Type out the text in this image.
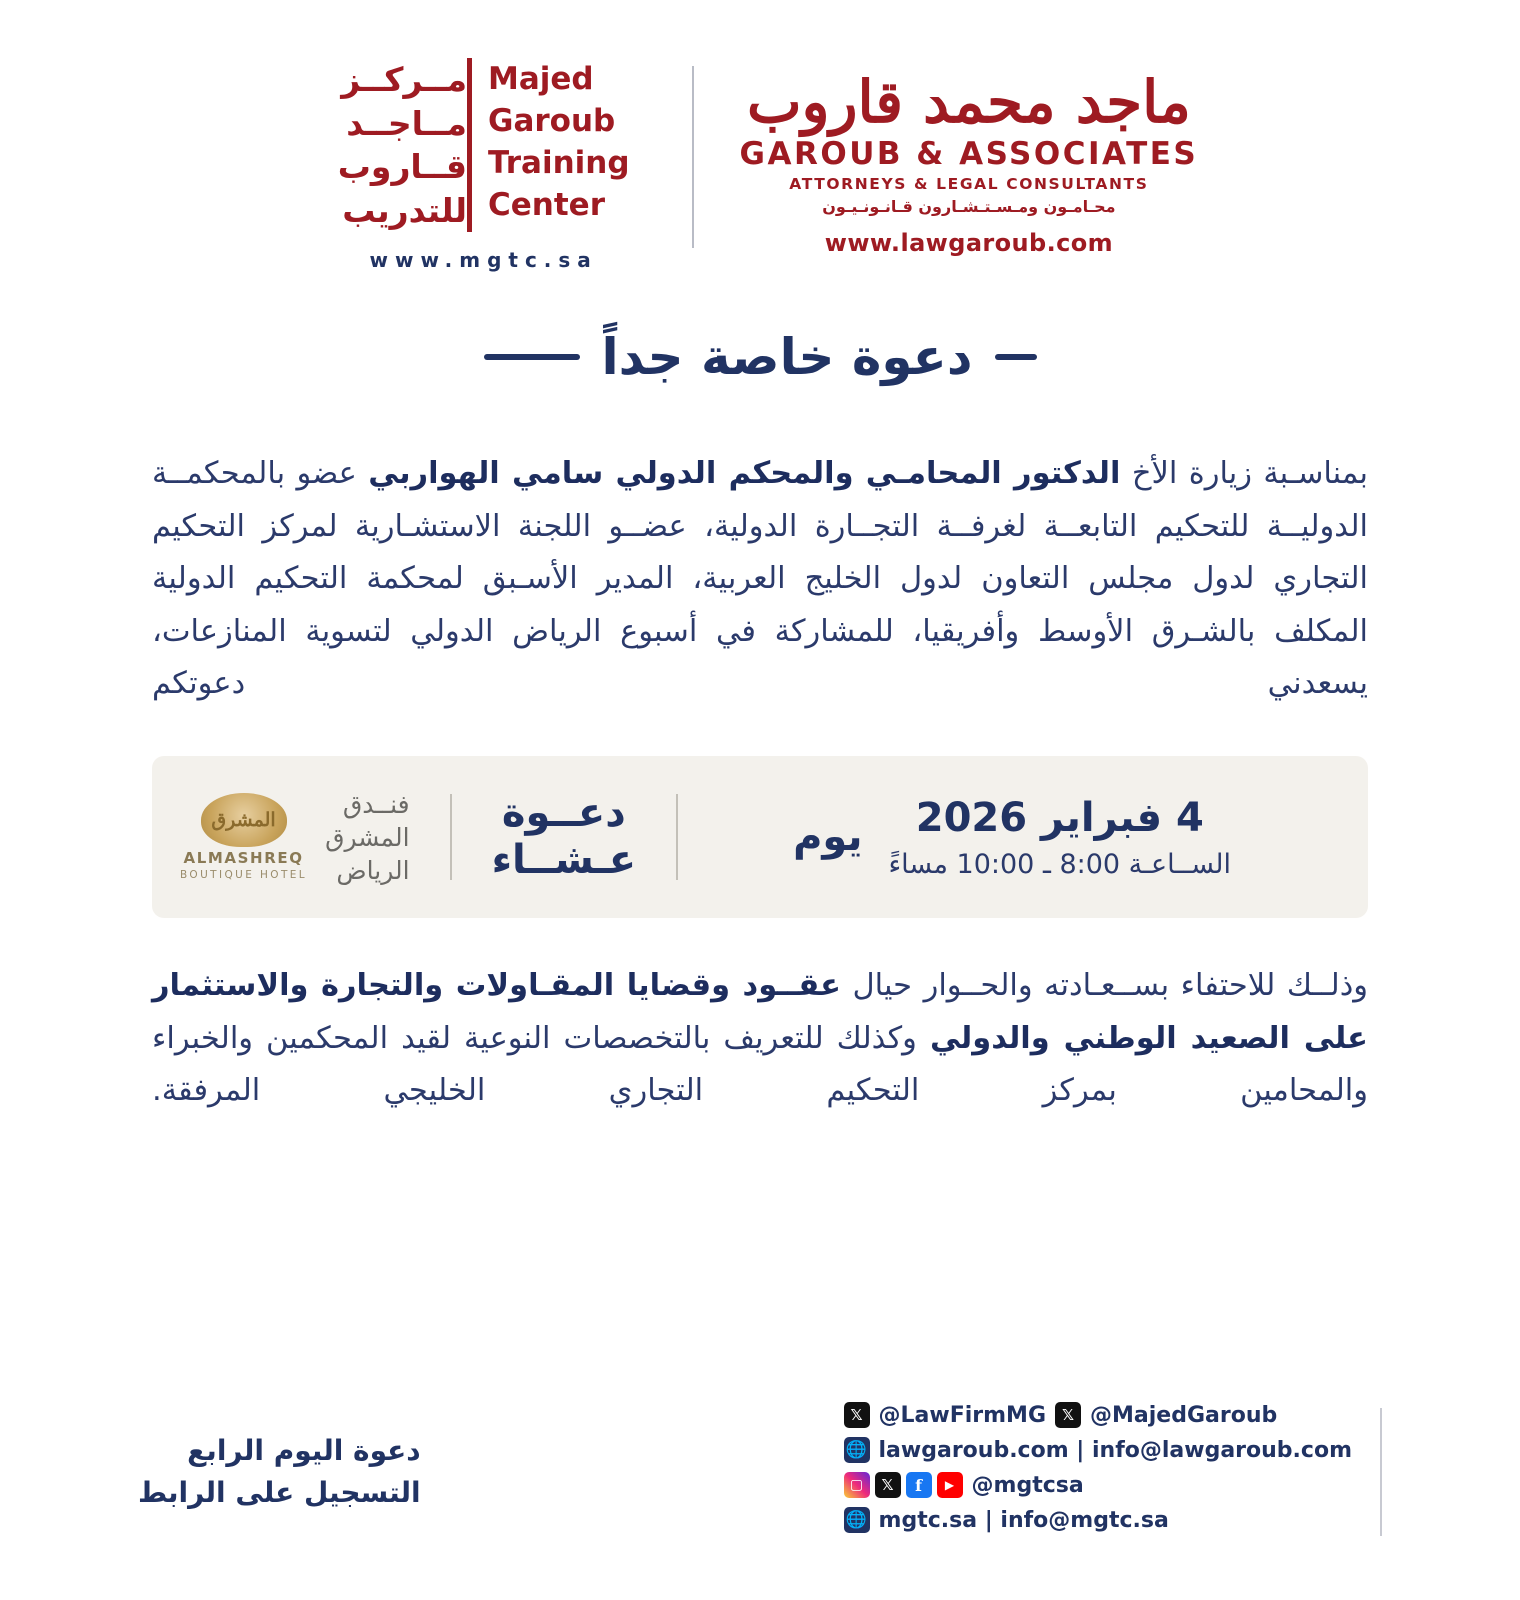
مــركــز
مــاجــد
قــاروب
للتدريب
Majed
Garoub
Training
Center
www.mgtc.sa
ماجد محمد قاروب
GAROUB & ASSOCIATES
ATTORNEYS & LEGAL CONSULTANTS
محـامـون ومـسـتـشـارون قـانـونـيـون
www.lawgaroub.com
دعوة خاصة جداً
بمناسـبة زيارة الأخ الدكتور المحامـي والمحكم الدولي سامي الهواربي عضو بالمحكمــة الدوليــة للتحكيم التابعــة لغرفــة التجــارة الدولية، عضــو اللجنة الاستشـارية لمركز التحكيم التجاري لدول مجلس التعاون لدول الخليج العربية، المدير الأسـبق لمحكمة التحكيم الدولية المكلف بالشـرق الأوسط وأفريقيا، للمشاركة في أسبوع الرياض الدولي لتسوية المنازعات، يسعدني دعوتكم
4 فبراير 2026
الســاعـة 8:00 ـ 10:00 مساءً
يوم
دعــوة
عـشــاء
فنــدق
المشرق
الرياض
المشرق
ALMASHREQ
BOUTIQUE HOTEL
وذلــك للاحتفاء بســعـادته والحــوار حيال عقــود وقضايا المقـاولات والتجارة والاستثمار على الصعيد الوطني والدولي وكذلك للتعريف بالتخصصات النوعية لقيد المحكمين والخبراء والمحامين بمركز التحكيم التجاري الخليجي المرفقة.
دعوة اليوم الرابع
التسجيل على الرابط
𝕏 @LawFirmMG	𝕏 @MajedGaroub
🌐 lawgaroub.com | info@lawgaroub.com
▢	𝕏	f	▶ @mgtcsa
🌐 mgtc.sa | info@mgtc.sa
